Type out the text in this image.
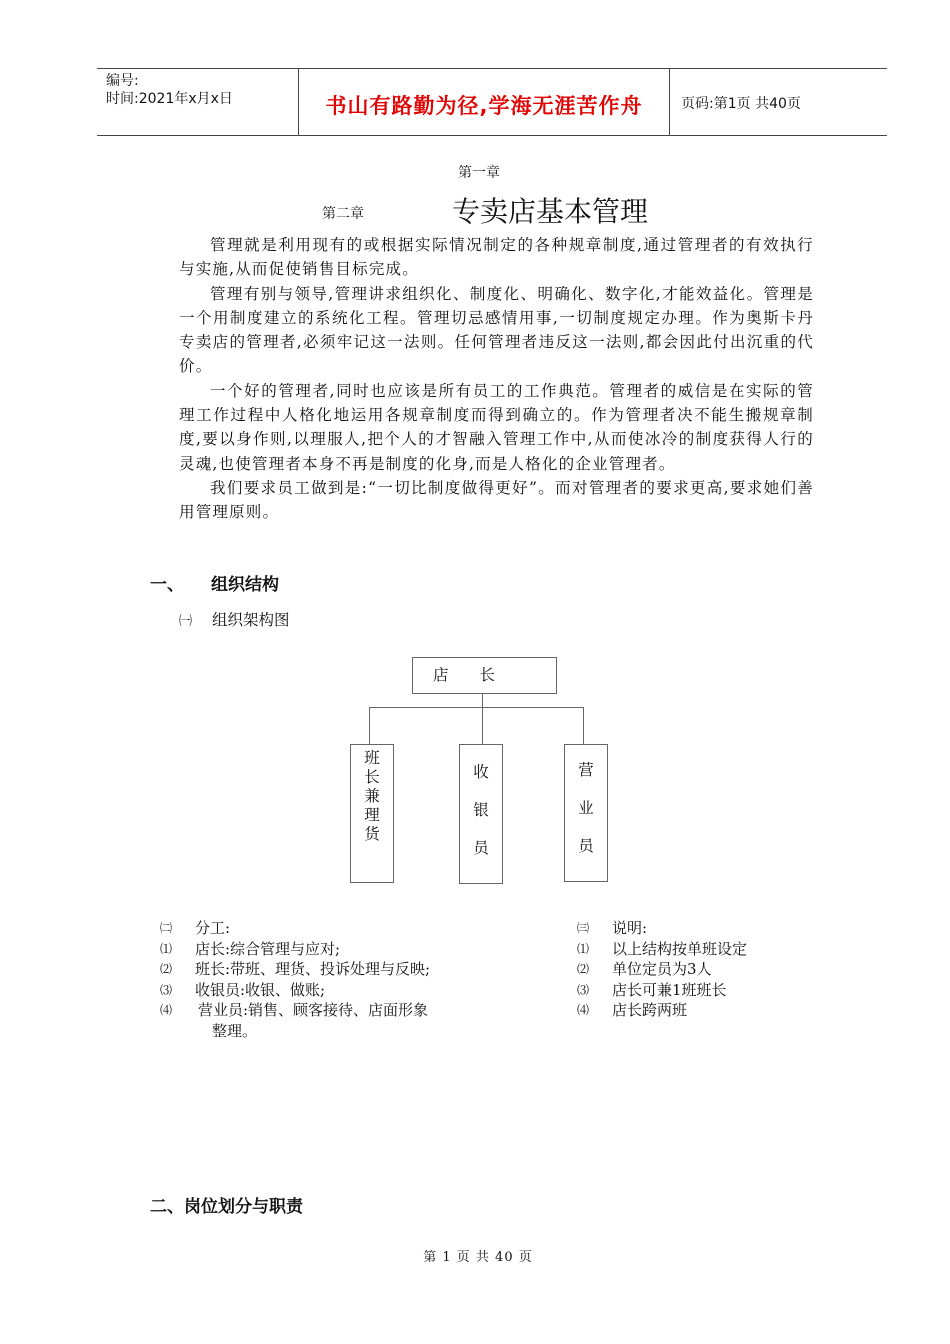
编号:
时间:2021年x月x日	书山有路勤为径,学海无涯苦作舟	页码:第1页 共40页
第一章
第二章	专卖店基本管理

管理就是利用现有的或根据实际情况制定的各种规章制度,通过管理者的有效执行与实施,从而促使销售目标完成。

管理有别与领导,管理讲求组织化、制度化、明确化、数字化,才能效益化。管理是一个用制度建立的系统化工程。管理切忌感情用事,一切制度规定办理。作为奥斯卡丹专卖店的管理者,必须牢记这一法则。任何管理者违反这一法则,都会因此付出沉重的代价。

一个好的管理者,同时也应该是所有员工的工作典范。管理者的威信是在实际的管理工作过程中人格化地运用各规章制度而得到确立的。作为管理者决不能生搬规章制度,要以身作则,以理服人,把个人的才智融入管理工作中,从而使冰冷的制度获得人行的灵魂,也使管理者本身不再是制度的化身,而是人格化的企业管理者。

我们要求员工做到是:“一切比制度做得更好”。而对管理者的要求更高,要求她们善用管理原则。

一、 组织结构
㈠ 组织架构图
店　　长
班长兼理货
收银员
营业员
㈡ 分工:
⑴ 店长:综合管理与应对;
⑵ 班长:带班、理货、投诉处理与反映;
⑶ 收银员:收银、做账;
⑷ 营业员:销售、顾客接待、店面形象
整理。
㈢ 说明:
⑴ 以上结构按单班设定
⑵ 单位定员为3人
⑶ 店长可兼1班班长
⑷ 店长跨两班
二、岗位划分与职责
第 1 页 共 40 页
